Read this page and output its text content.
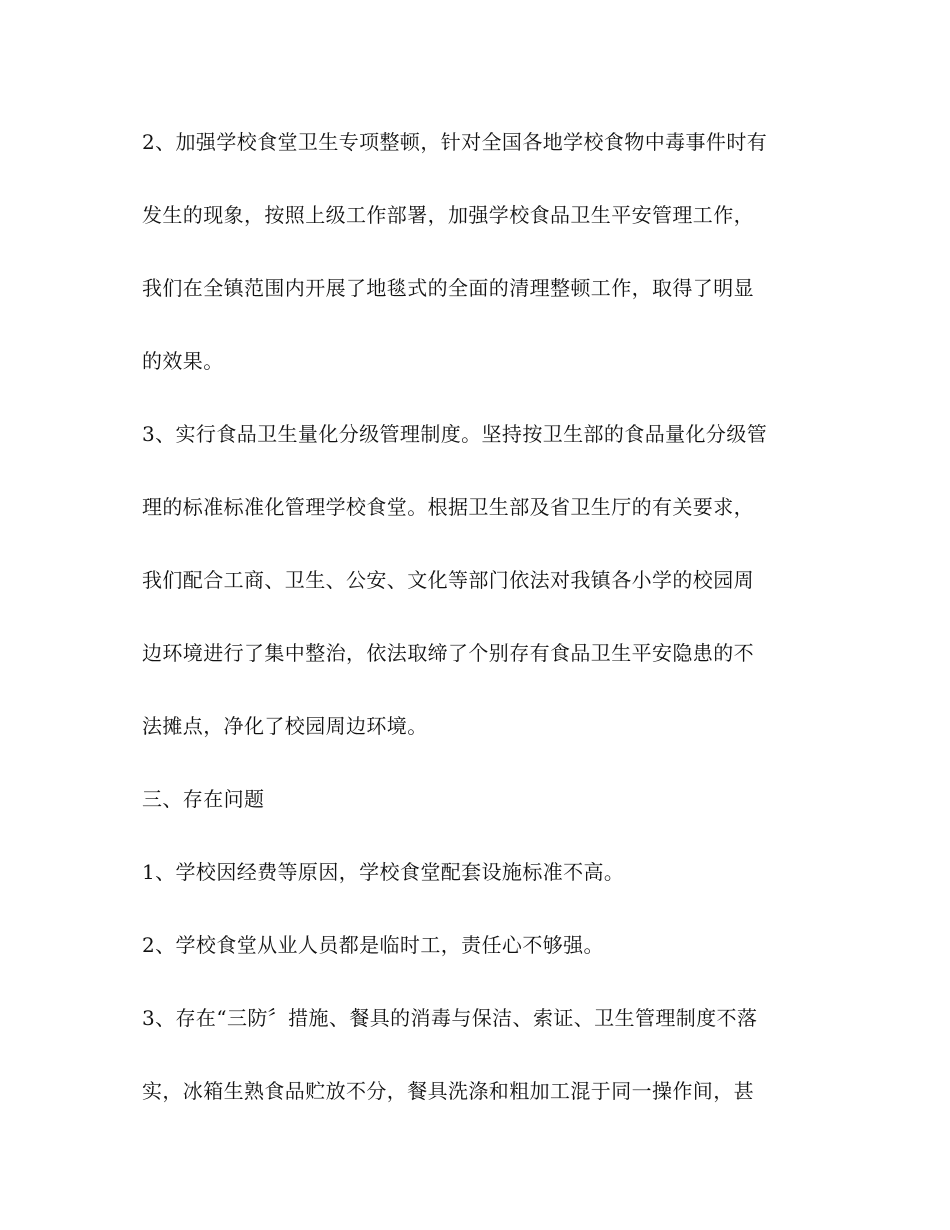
2、加强学校食堂卫生专项整顿，针对全国各地学校食物中毒事件时有
发生的现象，按照上级工作部署，加强学校食品卫生平安管理工作，
我们在全镇范围内开展了地毯式的全面的清理整顿工作，取得了明显
的效果。
3、实行食品卫生量化分级管理制度。坚持按卫生部的食品量化分级管
理的标准标准化管理学校食堂。根据卫生部及省卫生厅的有关要求，
我们配合工商、卫生、公安、文化等部门依法对我镇各小学的校园周
边环境进行了集中整治，依法取缔了个别存有食品卫生平安隐患的不
法摊点，净化了校园周边环境。
三、存在问题
1、学校因经费等原因，学校食堂配套设施标准不高。
2、学校食堂从业人员都是临时工，责任心不够强。
3、存在“三防〞措施、餐具的消毒与保洁、索证、卫生管理制度不落
实，冰箱生熟食品贮放不分，餐具洗涤和粗加工混于同一操作间，甚
